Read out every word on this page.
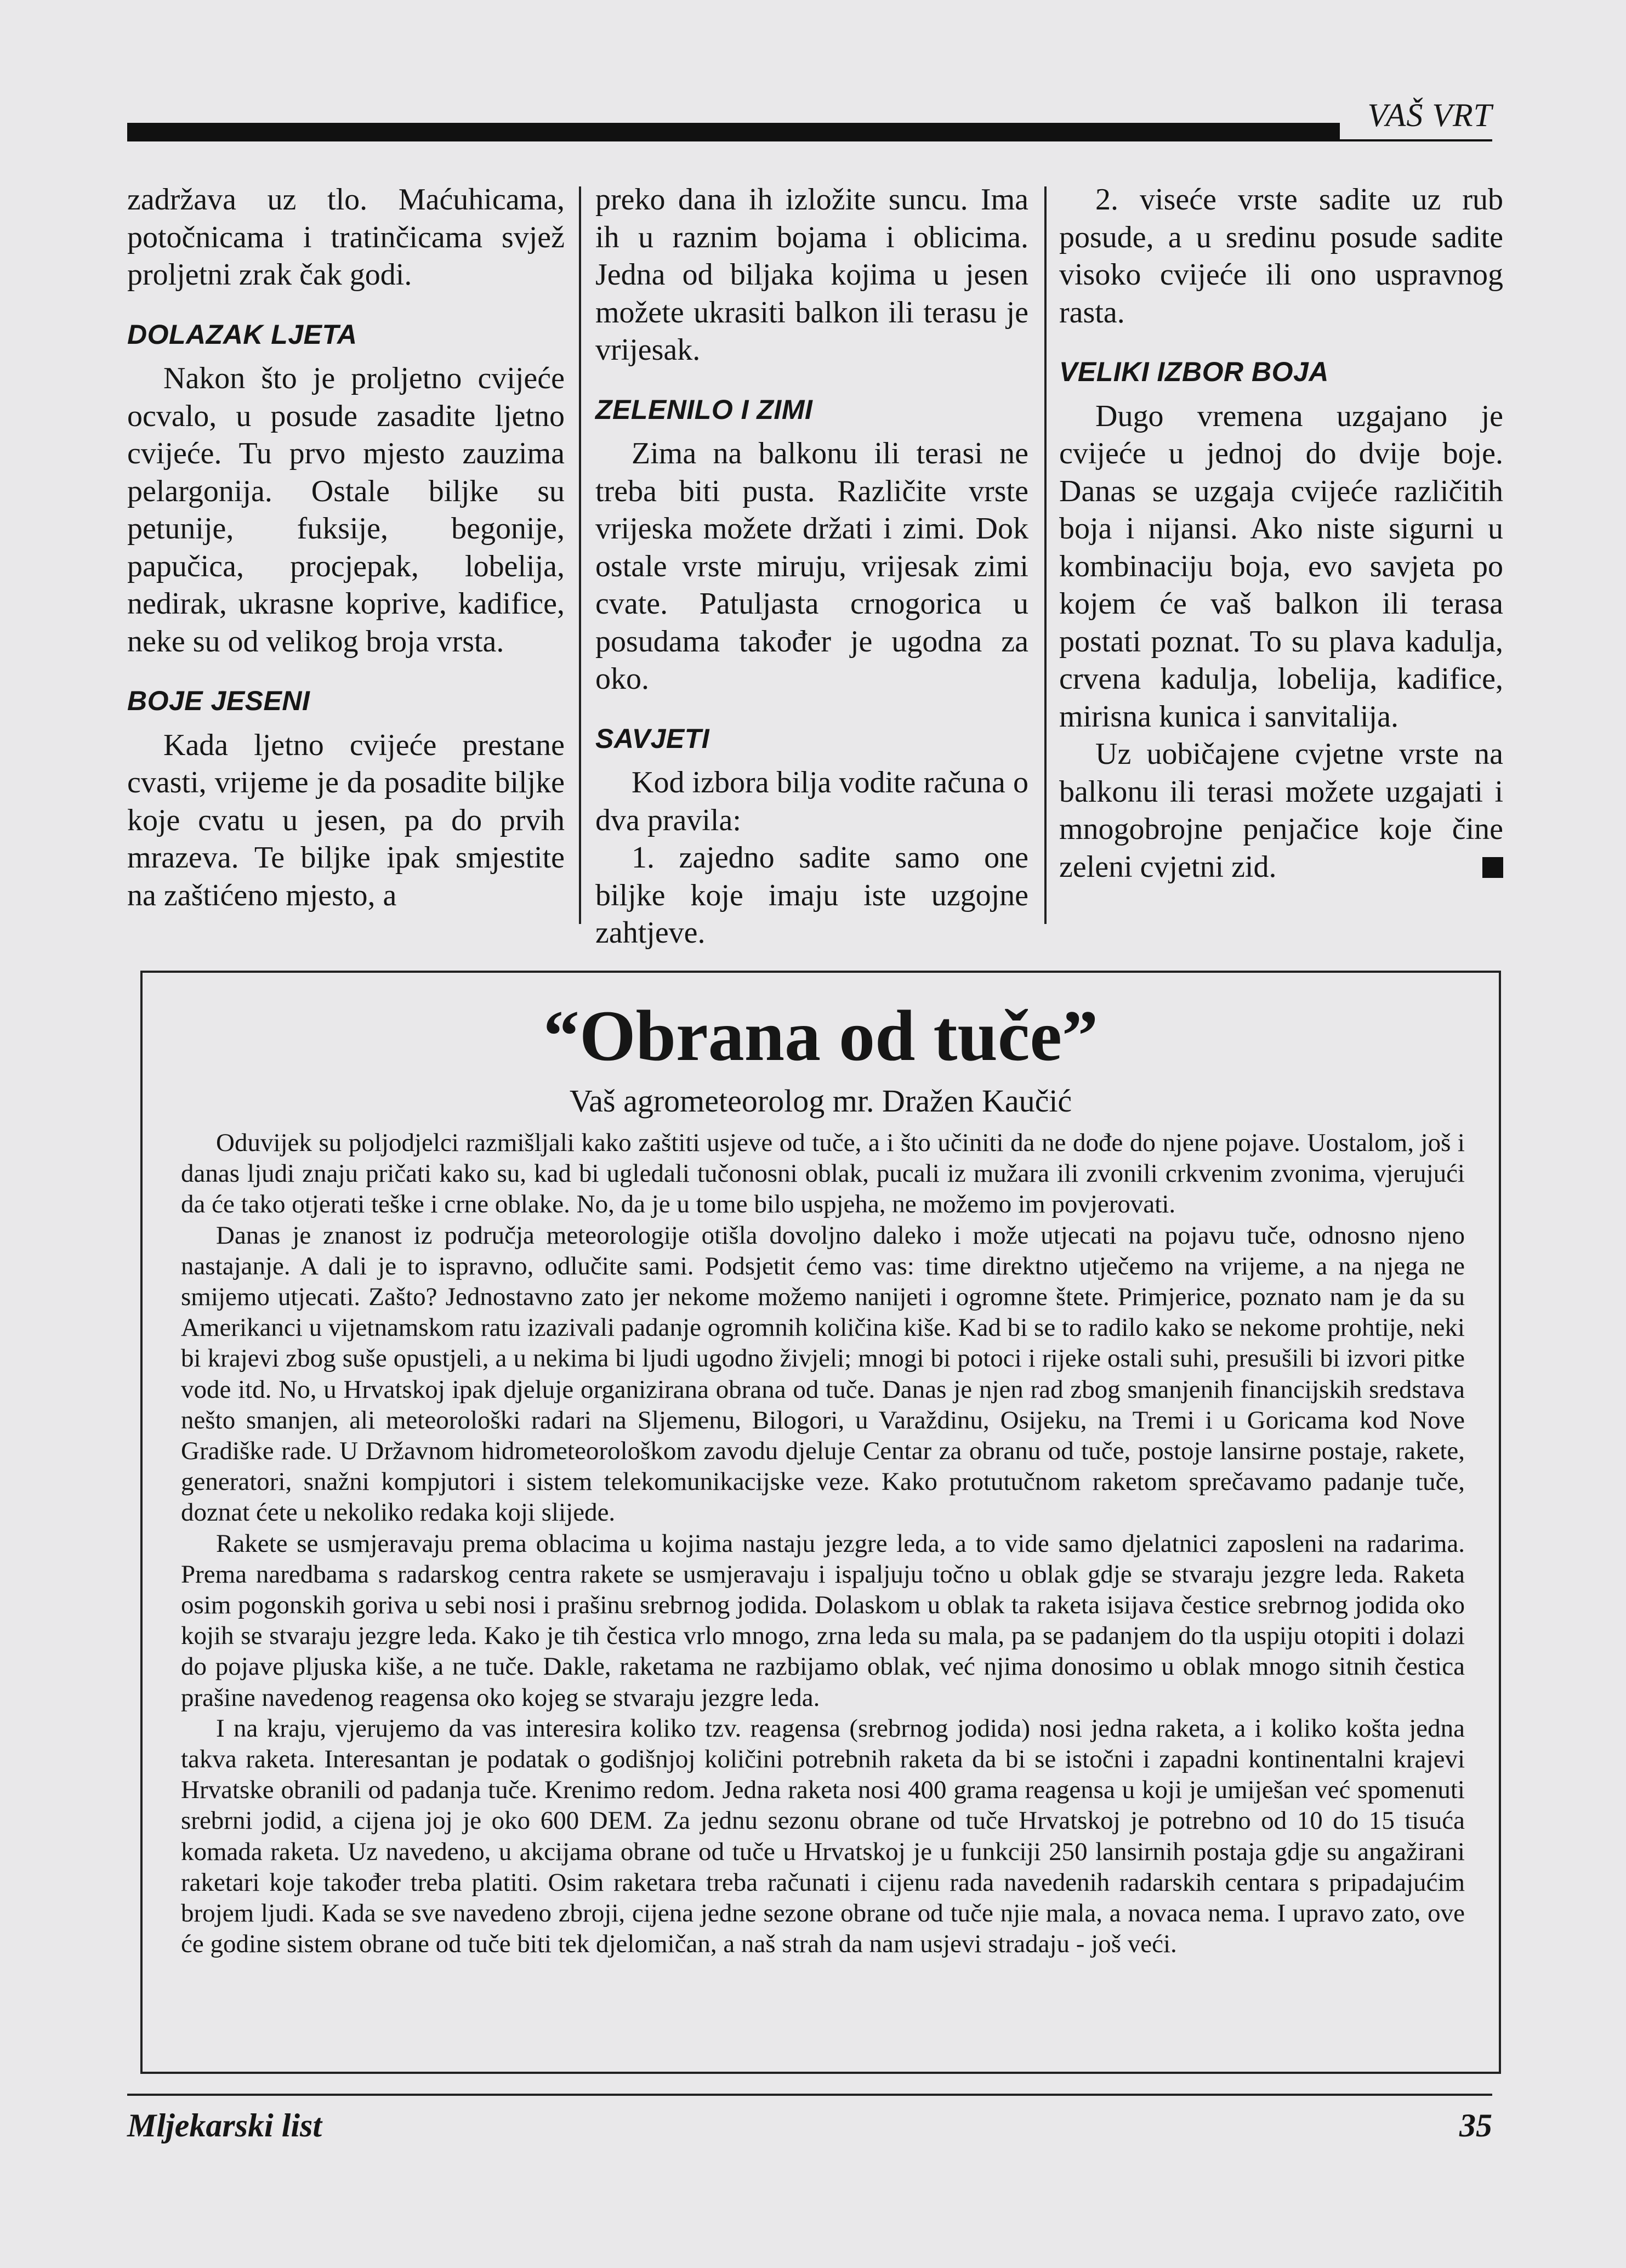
VAŠ VRT

zadržava uz tlo. Maćuhicama, potočnicama i tratinčicama svjež proljetni zrak čak godi.

DOLAZAK LJETA

Nakon što je proljetno cvijeće ocvalo, u posude zasadite ljetno cvijeće. Tu prvo mjesto zauzima pelargonija. Ostale biljke su petunije, fuksije, begonije, papučica, procjepak, lobelija, nedirak, ukrasne koprive, kadifice, neke su od velikog broja vrsta.

BOJE JESENI

Kada ljetno cvijeće prestane cvasti, vrijeme je da posadite biljke koje cvatu u jesen, pa do prvih mrazeva. Te biljke ipak smjestite na zaštićeno mjesto, a

preko dana ih izložite suncu. Ima ih u raznim bojama i oblicima. Jedna od biljaka kojima u jesen možete ukrasiti balkon ili terasu je vrijesak.

ZELENILO I ZIMI

Zima na balkonu ili terasi ne treba biti pusta. Različite vrste vrijeska možete držati i zimi. Dok ostale vrste miruju, vrijesak zimi cvate. Patuljasta crnogorica u posudama također je ugodna za oko.

SAVJETI

Kod izbora bilja vodite računa o dva pravila:

1. zajedno sadite samo one biljke koje imaju iste uzgojne zahtjeve.

2. viseće vrste sadite uz rub posude, a u sredinu posude sadite visoko cvijeće ili ono uspravnog rasta.

VELIKI IZBOR BOJA

Dugo vremena uzgajano je cvijeće u jednoj do dvije boje. Danas se uzgaja cvijeće različitih boja i nijansi. Ako niste sigurni u kombinaciju boja, evo savjeta po kojem će vaš balkon ili terasa postati poznat. To su plava kadulja, crvena kadulja, lobelija, kadifice, mirisna kunica i sanvitalija.

Uz uobičajene cvjetne vrste na balkonu ili terasi možete uzgajati i mnogobrojne penjačice koje čine zeleni cvjetni zid.

“Obrana od tuče”
Vaš agrometeorolog mr. Dražen Kaučić

Oduvijek su poljodjelci razmišljali kako zaštiti usjeve od tuče, a i što učiniti da ne dođe do njene pojave. Uostalom, još i danas ljudi znaju pričati kako su, kad bi ugledali tučonosni oblak, pucali iz mužara ili zvonili crkvenim zvonima, vjerujući da će tako otjerati teške i crne oblake. No, da je u tome bilo uspjeha, ne možemo im povjerovati.

Danas je znanost iz područja meteorologije otišla dovoljno daleko i može utjecati na pojavu tuče, odnosno njeno nastajanje. A dali je to ispravno, odlučite sami. Podsjetit ćemo vas: time direktno utječemo na vrijeme, a na njega ne smijemo utjecati. Zašto? Jednostavno zato jer nekome možemo nanijeti i ogromne štete. Primjerice, poznato nam je da su Amerikanci u vijetnamskom ratu izazivali padanje ogromnih količina kiše. Kad bi se to radilo kako se nekome prohtije, neki bi krajevi zbog suše opustjeli, a u nekima bi ljudi ugodno živjeli; mnogi bi potoci i rijeke ostali suhi, presušili bi izvori pitke vode itd. No, u Hrvatskoj ipak djeluje organizirana obrana od tuče. Danas je njen rad zbog smanjenih financijskih sredstava nešto smanjen, ali meteorološki radari na Sljemenu, Bilogori, u Varaždinu, Osijeku, na Tremi i u Goricama kod Nove Gradiške rade. U Državnom hidrometeorološkom zavodu djeluje Centar za obranu od tuče, postoje lansirne postaje, rakete, generatori, snažni kompjutori i sistem telekomunikacijske veze. Kako protutučnom raketom sprečavamo padanje tuče, doznat ćete u nekoliko redaka koji slijede.

Rakete se usmjeravaju prema oblacima u kojima nastaju jezgre leda, a to vide samo djelatnici zaposleni na radarima. Prema naredbama s radarskog centra rakete se usmjeravaju i ispaljuju točno u oblak gdje se stvaraju jezgre leda. Raketa osim pogonskih goriva u sebi nosi i prašinu srebrnog jodida. Dolaskom u oblak ta raketa isijava čestice srebrnog jodida oko kojih se stvaraju jezgre leda. Kako je tih čestica vrlo mnogo, zrna leda su mala, pa se padanjem do tla uspiju otopiti i dolazi do pojave pljuska kiše, a ne tuče. Dakle, raketama ne razbijamo oblak, već njima donosimo u oblak mnogo sitnih čestica prašine navedenog reagensa oko kojeg se stvaraju jezgre leda.

I na kraju, vjerujemo da vas interesira koliko tzv. reagensa (srebrnog jodida) nosi jedna raketa, a i koliko košta jedna takva raketa. Interesantan je podatak o godišnjoj količini potrebnih raketa da bi se istočni i zapadni kontinentalni krajevi Hrvatske obranili od padanja tuče. Krenimo redom. Jedna raketa nosi 400 grama reagensa u koji je umiješan već spomenuti srebrni jodid, a cijena joj je oko 600 DEM. Za jednu sezonu obrane od tuče Hrvatskoj je potrebno od 10 do 15 tisuća komada raketa. Uz navedeno, u akcijama obrane od tuče u Hrvatskoj je u funkciji 250 lansirnih postaja gdje su angažirani raketari koje također treba platiti. Osim raketara treba računati i cijenu rada navedenih radarskih centara s pripadajućim brojem ljudi. Kada se sve navedeno zbroji, cijena jedne sezone obrane od tuče njie mala, a novaca nema. I upravo zato, ove će godine sistem obrane od tuče biti tek djelomičan, a naš strah da nam usjevi stradaju - još veći.

Mljekarski list	35
